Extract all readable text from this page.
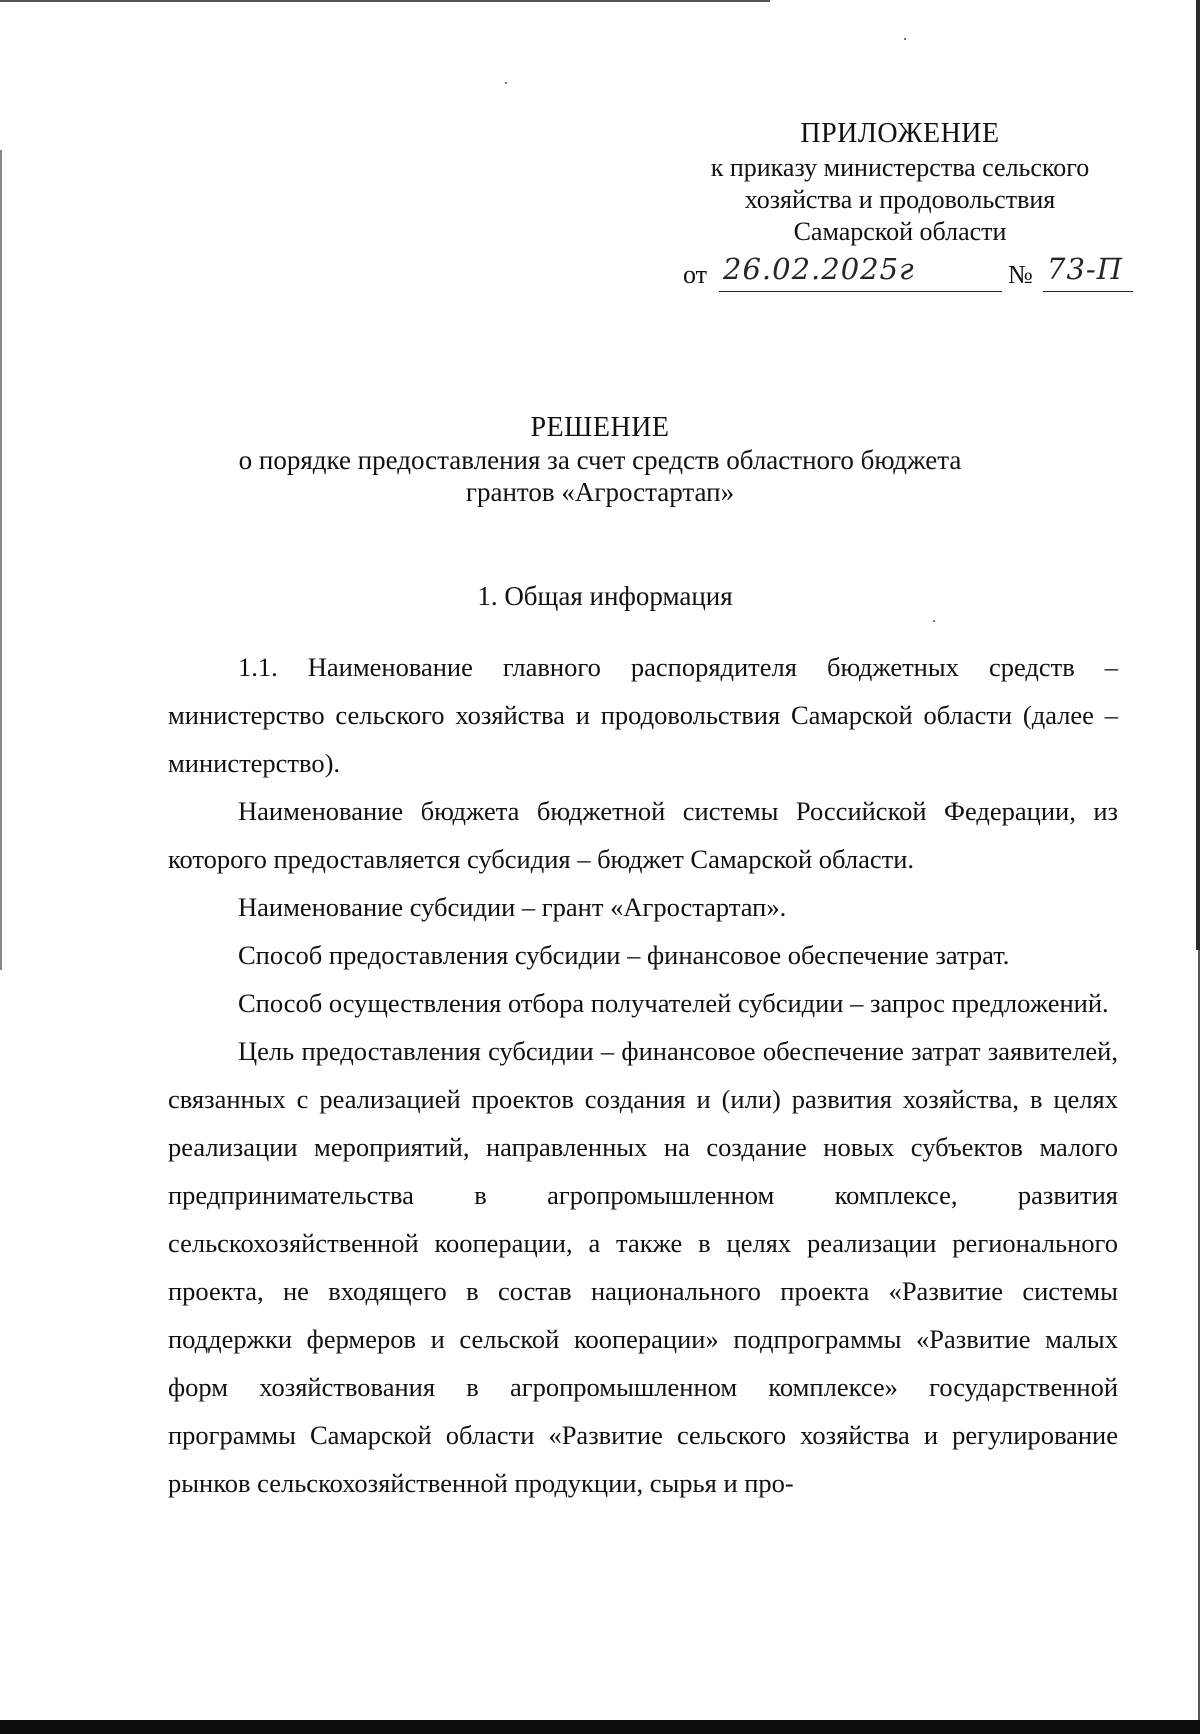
ПРИЛОЖЕНИЕ
к приказу министерства сельского
хозяйства и продовольствия
Самарской области
от 26.02.2025г	№ 73-П
РЕШЕНИЕ
о порядке предоставления за счет средств областного бюджета
грантов «Агростартап»
1. Общая информация

1.1. Наименование главного распорядителя бюджетных средств – министерство сельского хозяйства и продовольствия Самарской области (далее – министерство).

Наименование бюджета бюджетной системы Российской Федерации, из которого предоставляется субсидия – бюджет Самарской области.

Наименование субсидии – грант «Агростартап».

Способ предоставления субсидии – финансовое обеспечение затрат.

Способ осуществления отбора получателей субсидии – запрос предложений.

Цель предоставления субсидии – финансовое обеспечение затрат заявителей, связанных с реализацией проектов создания и (или) развития хозяйства, в целях реализации мероприятий, направленных на создание новых субъектов малого предпринимательства в агропромышленном комплексе, развития сельскохозяйственной кооперации, а также в целях реализации регионального проекта, не входящего в состав национального проекта «Развитие системы поддержки фермеров и сельской кооперации» подпрограммы «Развитие малых форм хозяйствования в агропромышленном комплексе» государственной программы Самарской области «Развитие сельского хозяйства и регулирование рынков сельскохозяйственной продукции, сырья и про-
